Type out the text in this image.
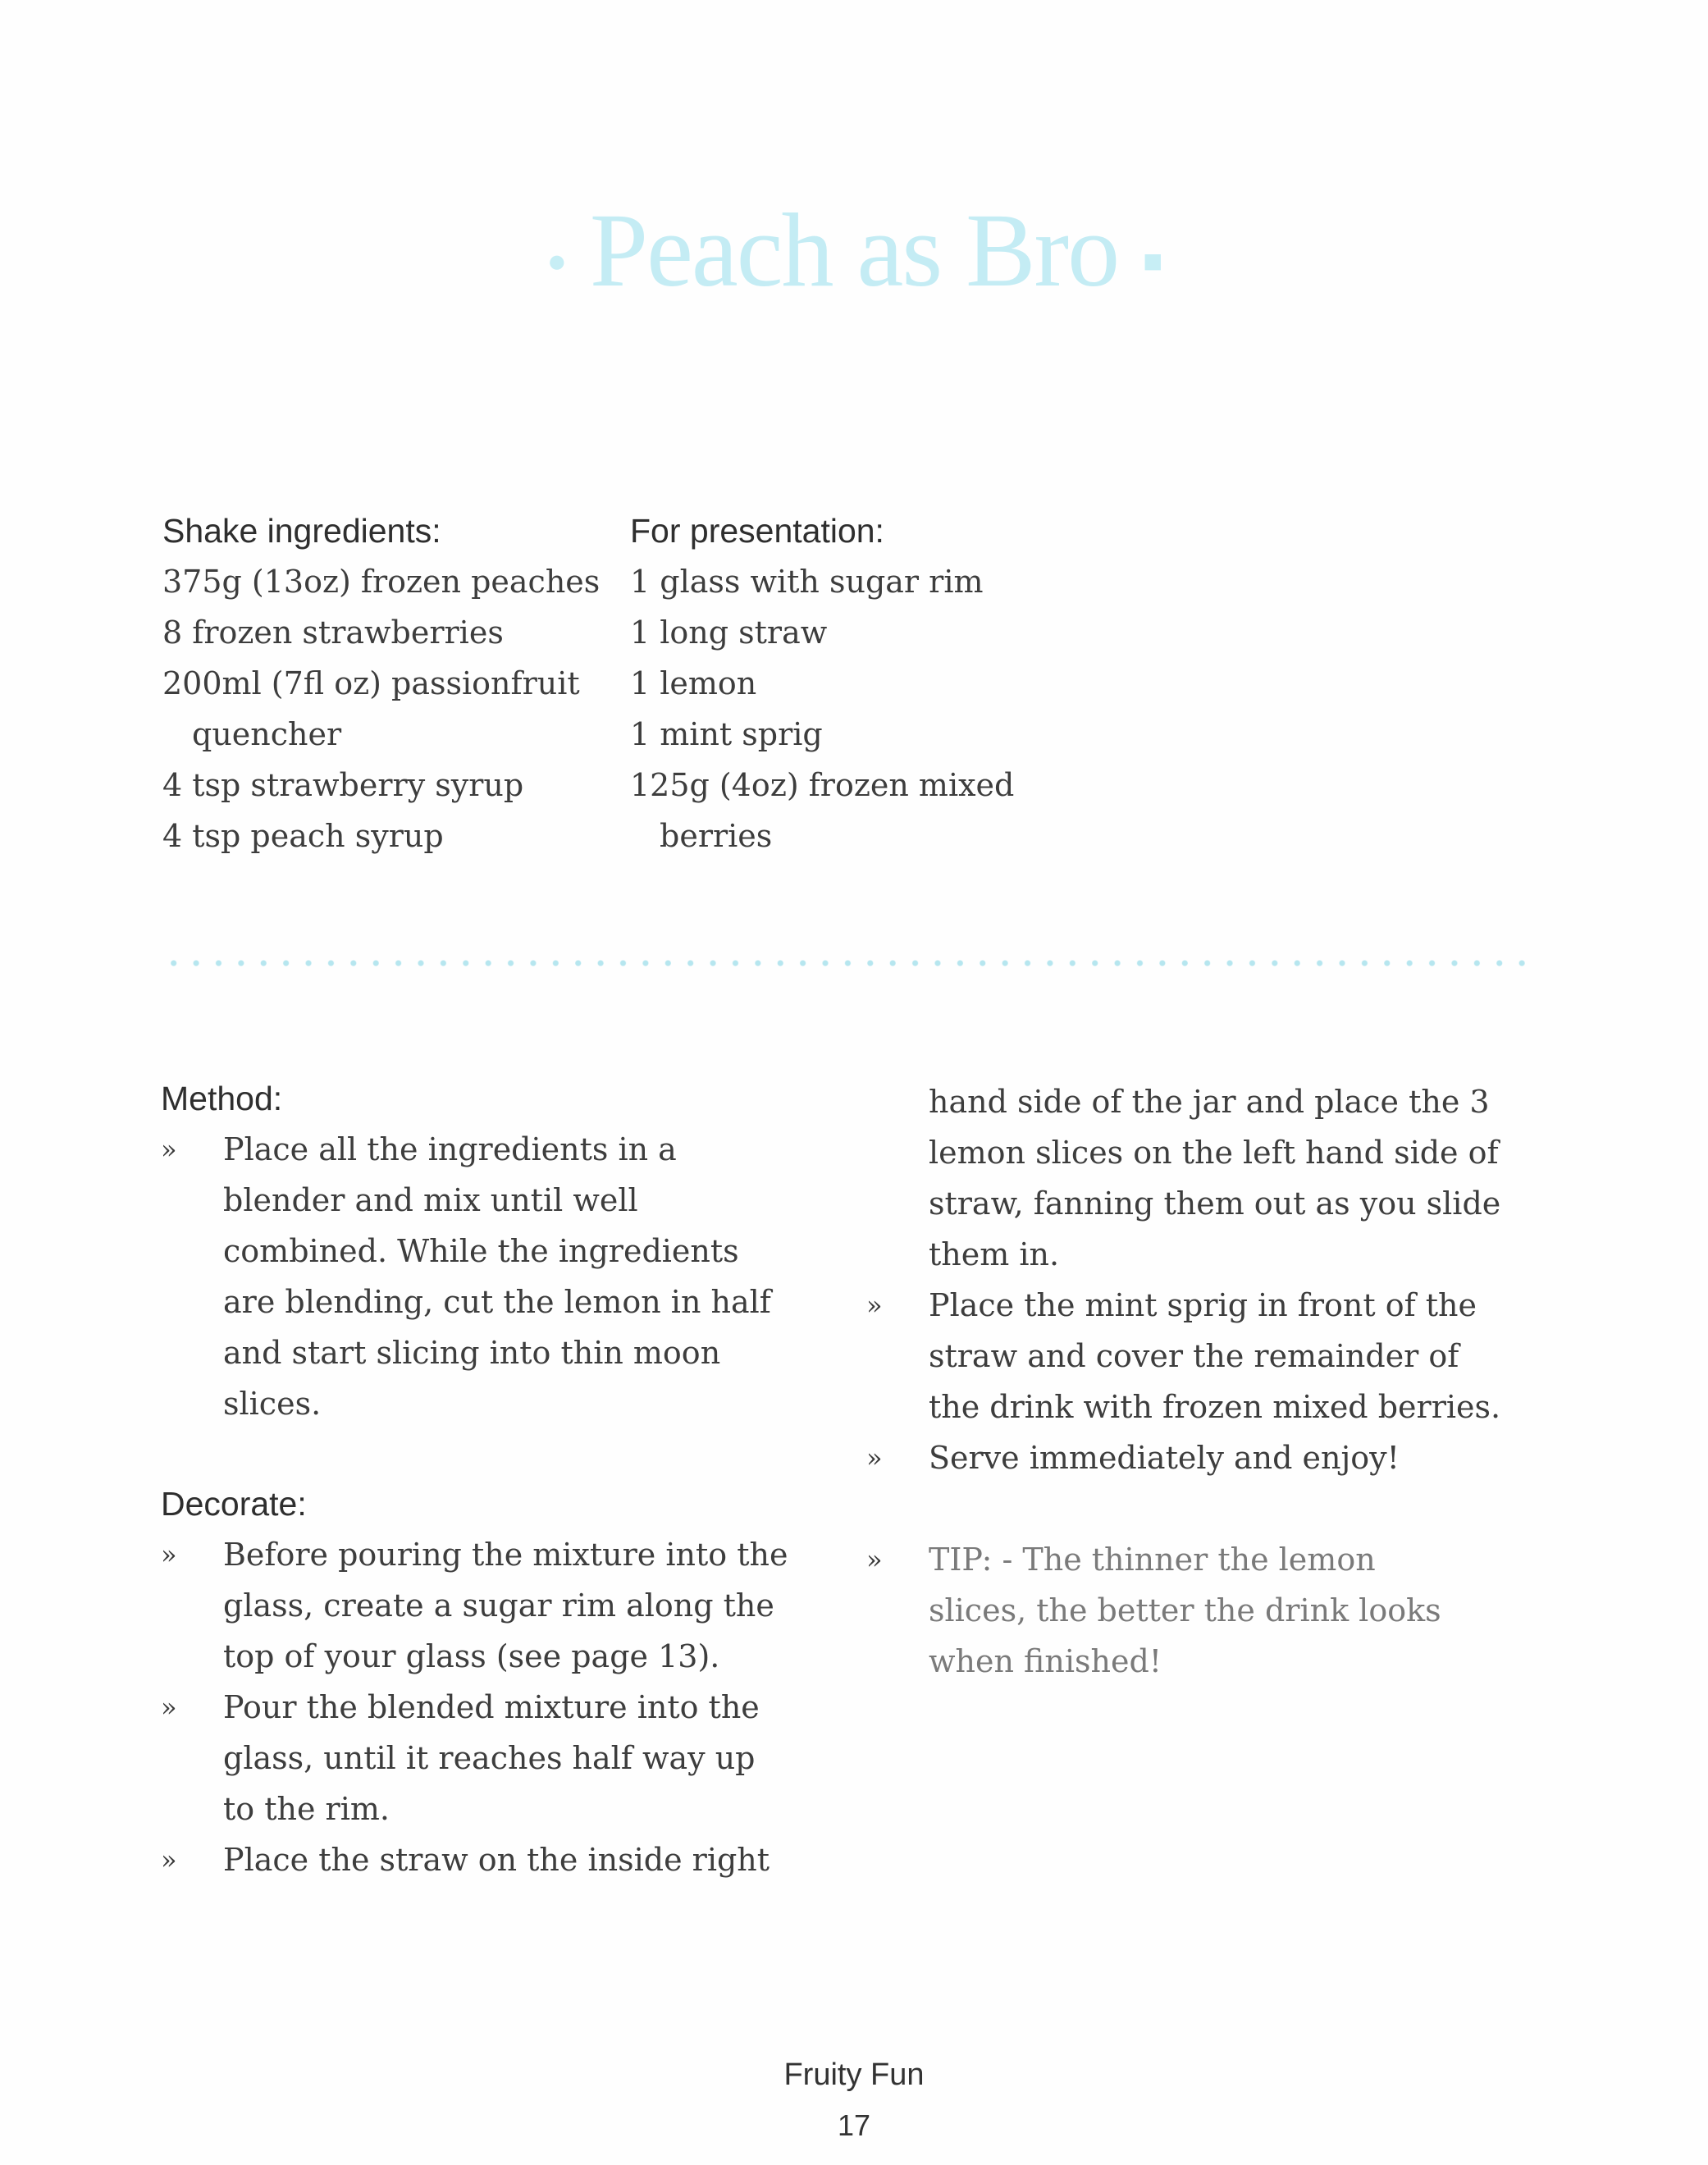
● Peach as Bro ■
Shake ingredients:
375g (13oz) frozen peaches
8 frozen strawberries
200ml (7fl oz) passionfruit
quencher
4 tsp strawberry syrup
4 tsp peach syrup
For presentation:
1 glass with sugar rim
1 long straw
1 lemon
1 mint sprig
125g (4oz) frozen mixed
berries
Method:
» Place all the ingredients in a blender and mix until well combined. While the ingredients are blending, cut the lemon in half and start slicing into thin moon slices.
Decorate:
» Before pouring the mixture into the glass, create a sugar rim along the top of your glass (see page 13).
» Pour the blended mixture into the glass, until it reaches half way up to the rim.
» Place the straw on the inside right
hand side of the jar and place the 3 lemon slices on the left hand side of straw, fanning them out as you slide them in.
» Place the mint sprig in front of the straw and cover the remainder of the drink with frozen mixed berries.
» Serve immediately and enjoy!
» TIP: - The thinner the lemon slices, the better the drink looks when finished!
Fruity Fun
17
